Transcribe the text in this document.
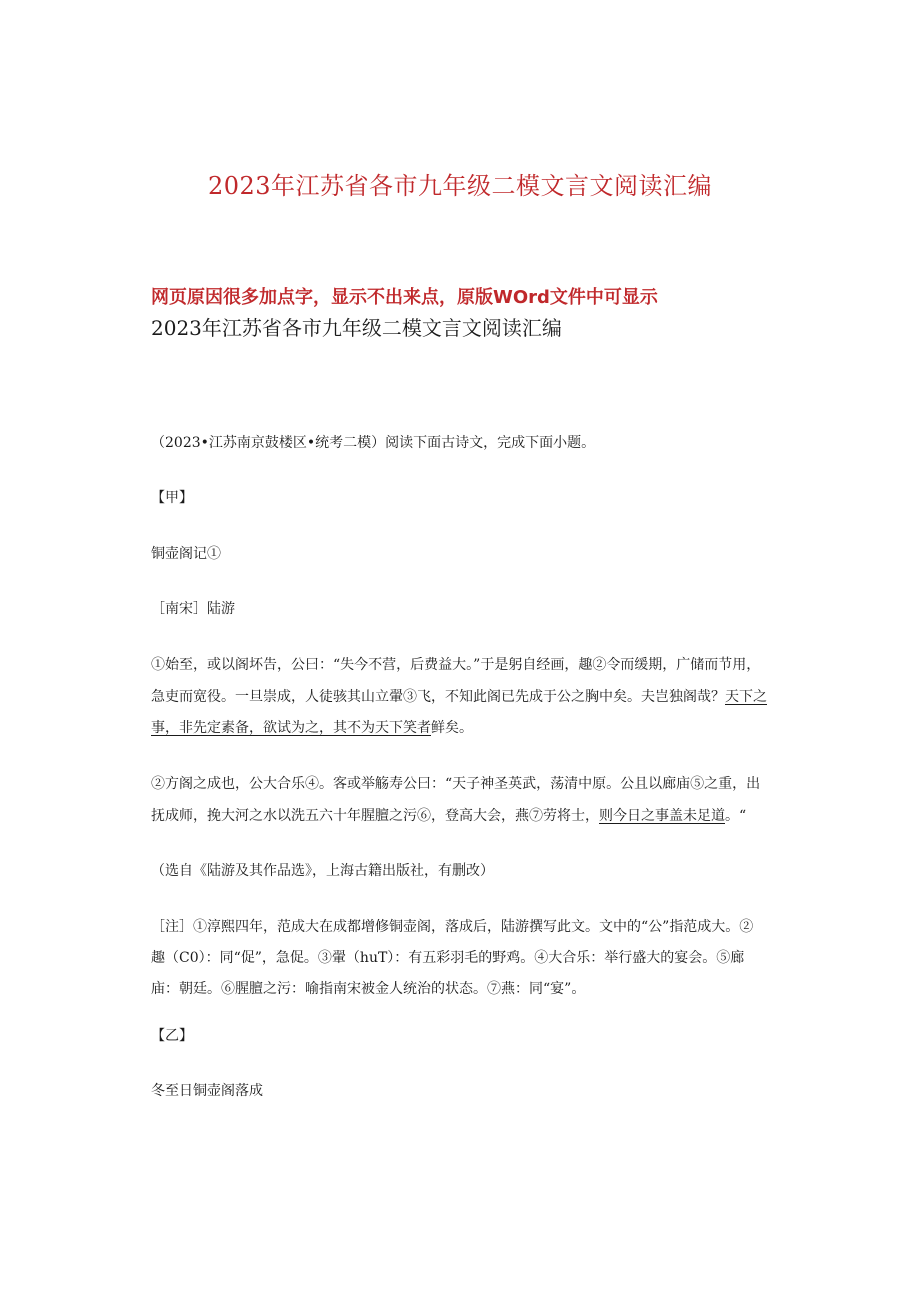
2023年江苏省各市九年级二模文言文阅读汇编
网页原因很多加点字，显示不出来点，原版WOrd文件中可显示
2023年江苏省各市九年级二模文言文阅读汇编
（2023•江苏南京鼓楼区•统考二模）阅读下面古诗文，完成下面小题。
【甲】
铜壶阁记①
［南宋］陆游
①始至，或以阁坏告，公曰：“失今不营，后费益大。”于是躬自经画，趣②令而缓期，广储而节用，
急吏而宽役。一旦崇成，人徒骇其山立翬③飞，不知此阁已先成于公之胸中矣。夫岂独阁哉？天下之
事，非先定素备，欲试为之，其不为天下笑者鲜矣。
②方阁之成也，公大合乐④。客或举觞寿公曰：“天子神圣英武，荡清中原。公且以廊庙⑤之重，出
抚成师，挽大河之水以洗五六十年腥膻之污⑥，登高大会，燕⑦劳将士，则今日之事盖未足道。“
（选自《陆游及其作品选》，上海古籍出版社，有删改）
［注］①淳熙四年，范成大在成都增修铜壶阁，落成后，陆游撰写此文。文中的“公”指范成大。②
趣（C0）：同“促”，急促。③翬（huT）：有五彩羽毛的野鸡。④大合乐：举行盛大的宴会。⑤廊
庙：朝廷。⑥腥膻之污：喻指南宋被金人统治的状态。⑦燕：同“宴”。
【乙】
冬至日铜壶阁落成
